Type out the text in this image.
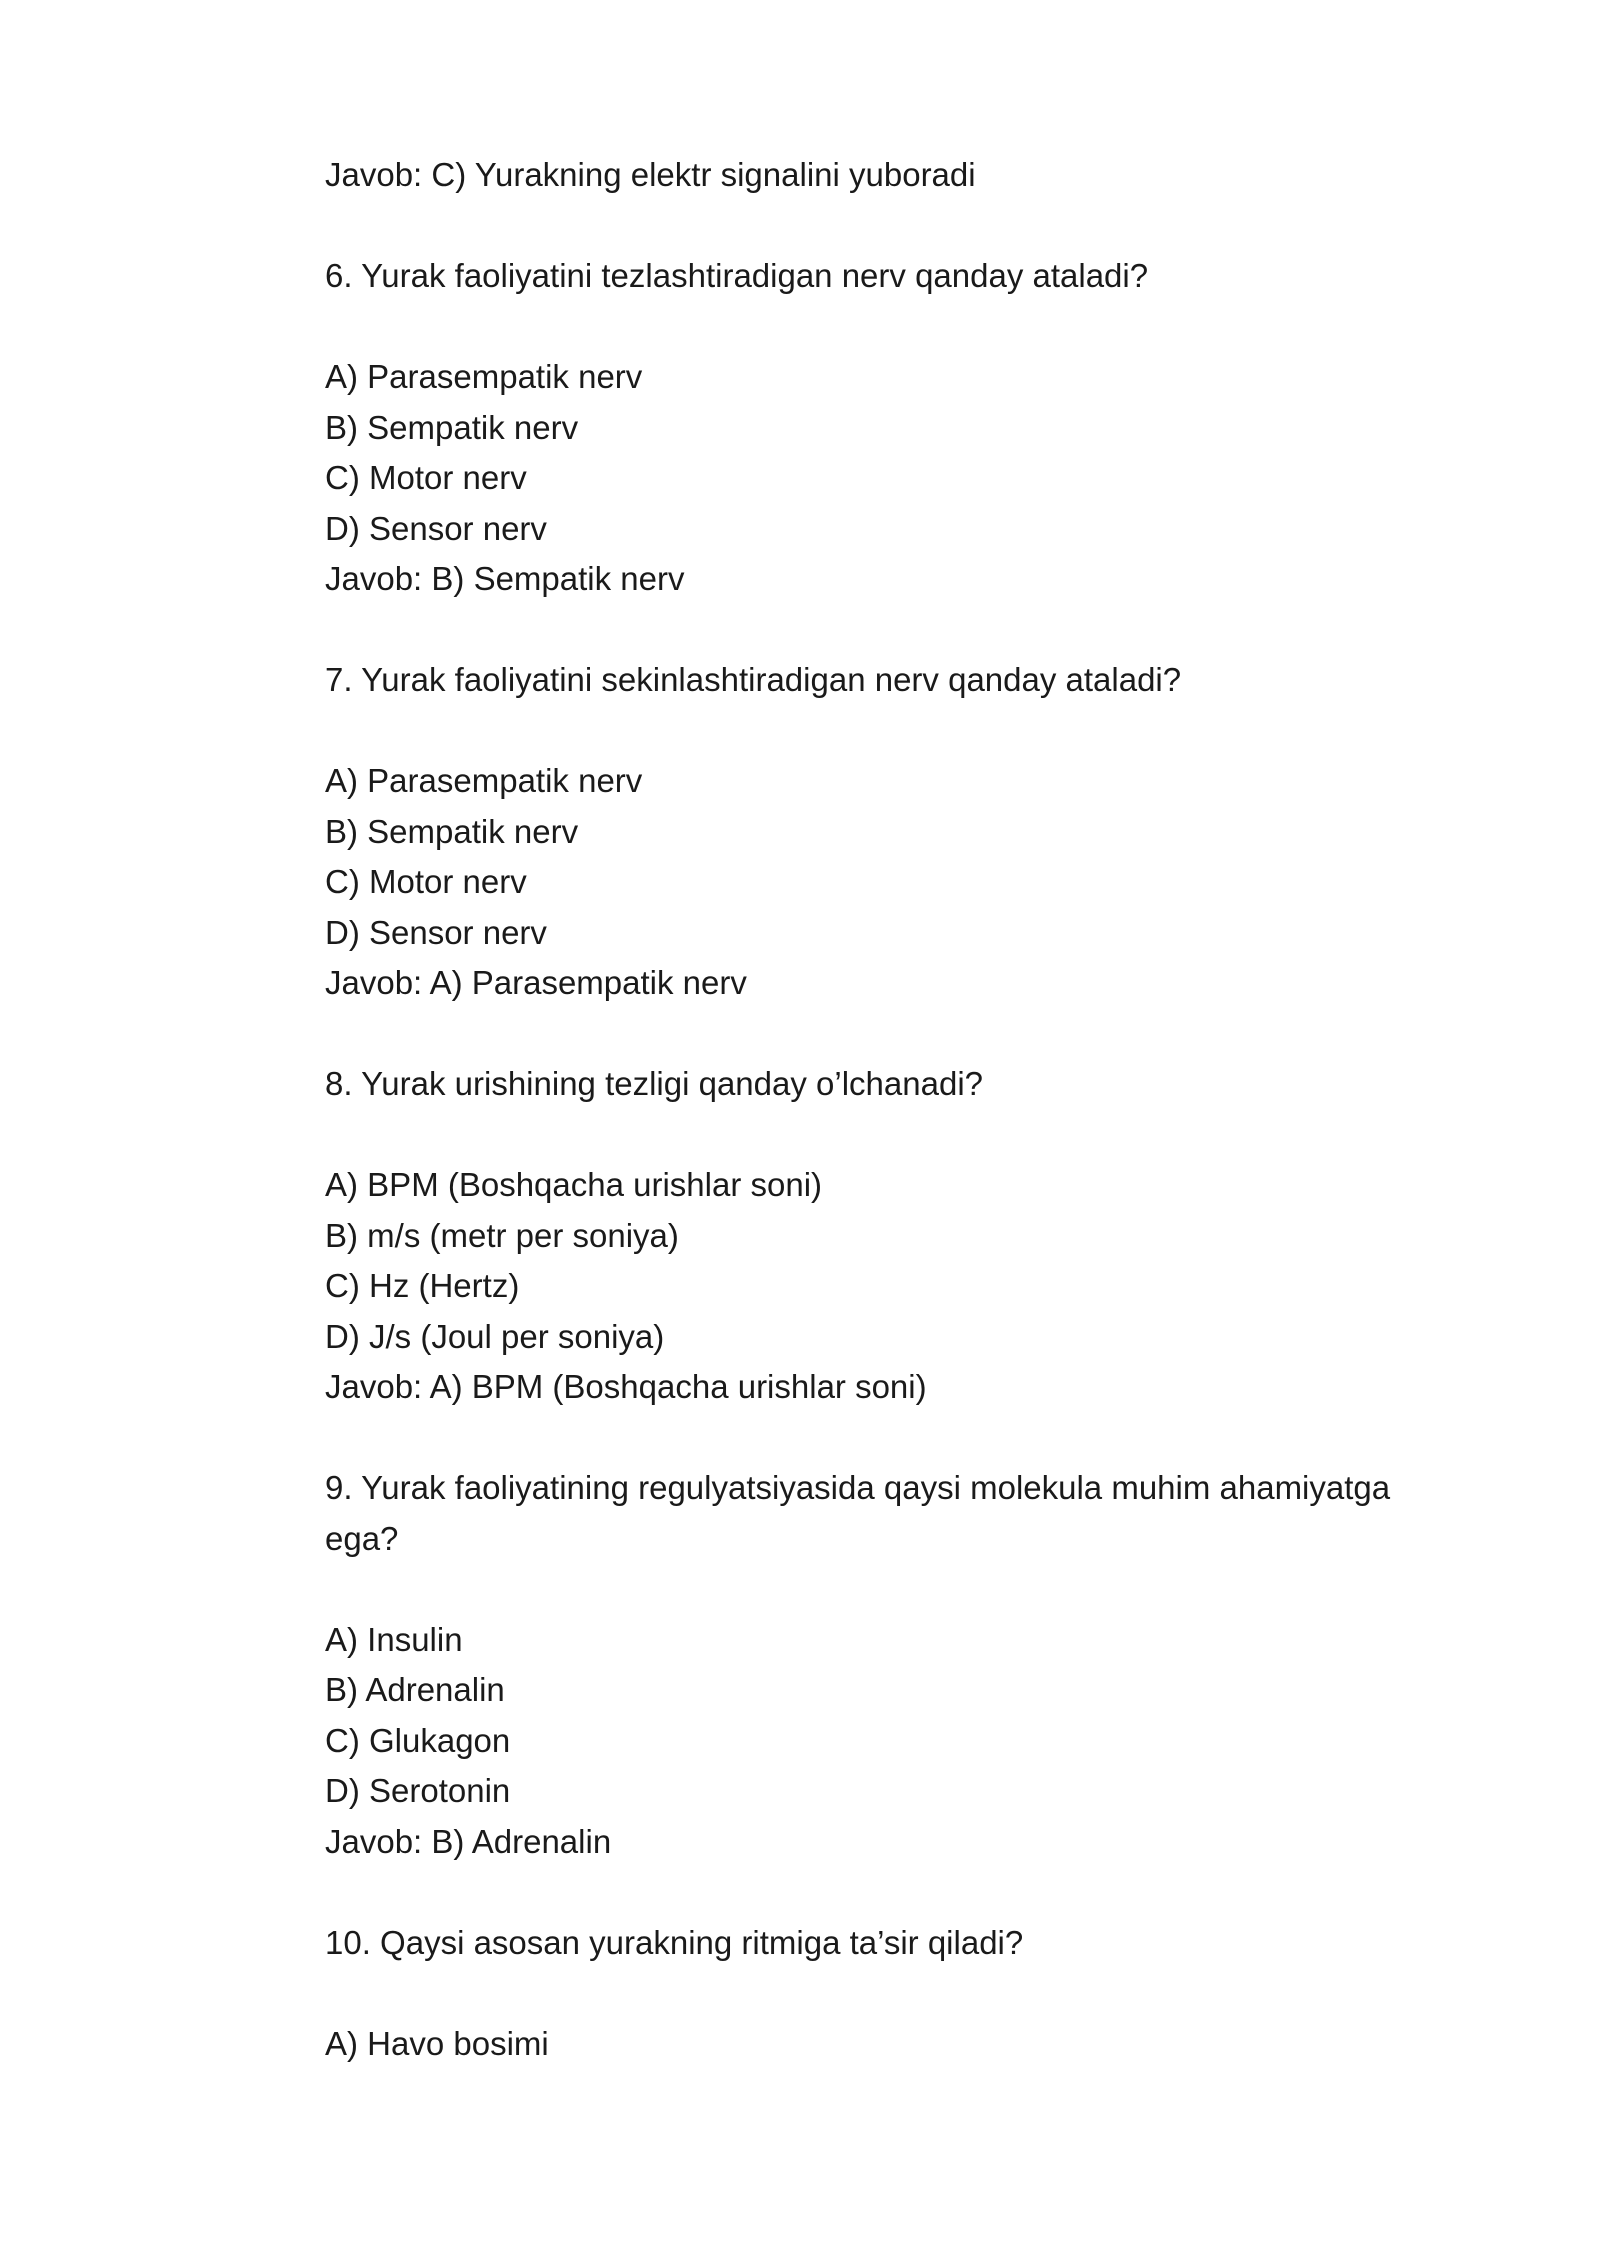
Javob: C) Yurakning elektr signalini yuboradi

6. Yurak faoliyatini tezlashtiradigan nerv qanday ataladi?

A) Parasempatik nerv

B) Sempatik nerv

C) Motor nerv

D) Sensor nerv

Javob: B) Sempatik nerv

7. Yurak faoliyatini sekinlashtiradigan nerv qanday ataladi?

A) Parasempatik nerv

B) Sempatik nerv

C) Motor nerv

D) Sensor nerv

Javob: A) Parasempatik nerv

8. Yurak urishining tezligi qanday o’lchanadi?

A) BPM (Boshqacha urishlar soni)

B) m/s (metr per soniya)

C) Hz (Hertz)

D) J/s (Joul per soniya)

Javob: A) BPM (Boshqacha urishlar soni)

9. Yurak faoliyatining regulyatsiyasida qaysi molekula muhim ahamiyatga ega?

A) Insulin

B) Adrenalin

C) Glukagon

D) Serotonin

Javob: B) Adrenalin

10. Qaysi asosan yurakning ritmiga ta’sir qiladi?

A) Havo bosimi
